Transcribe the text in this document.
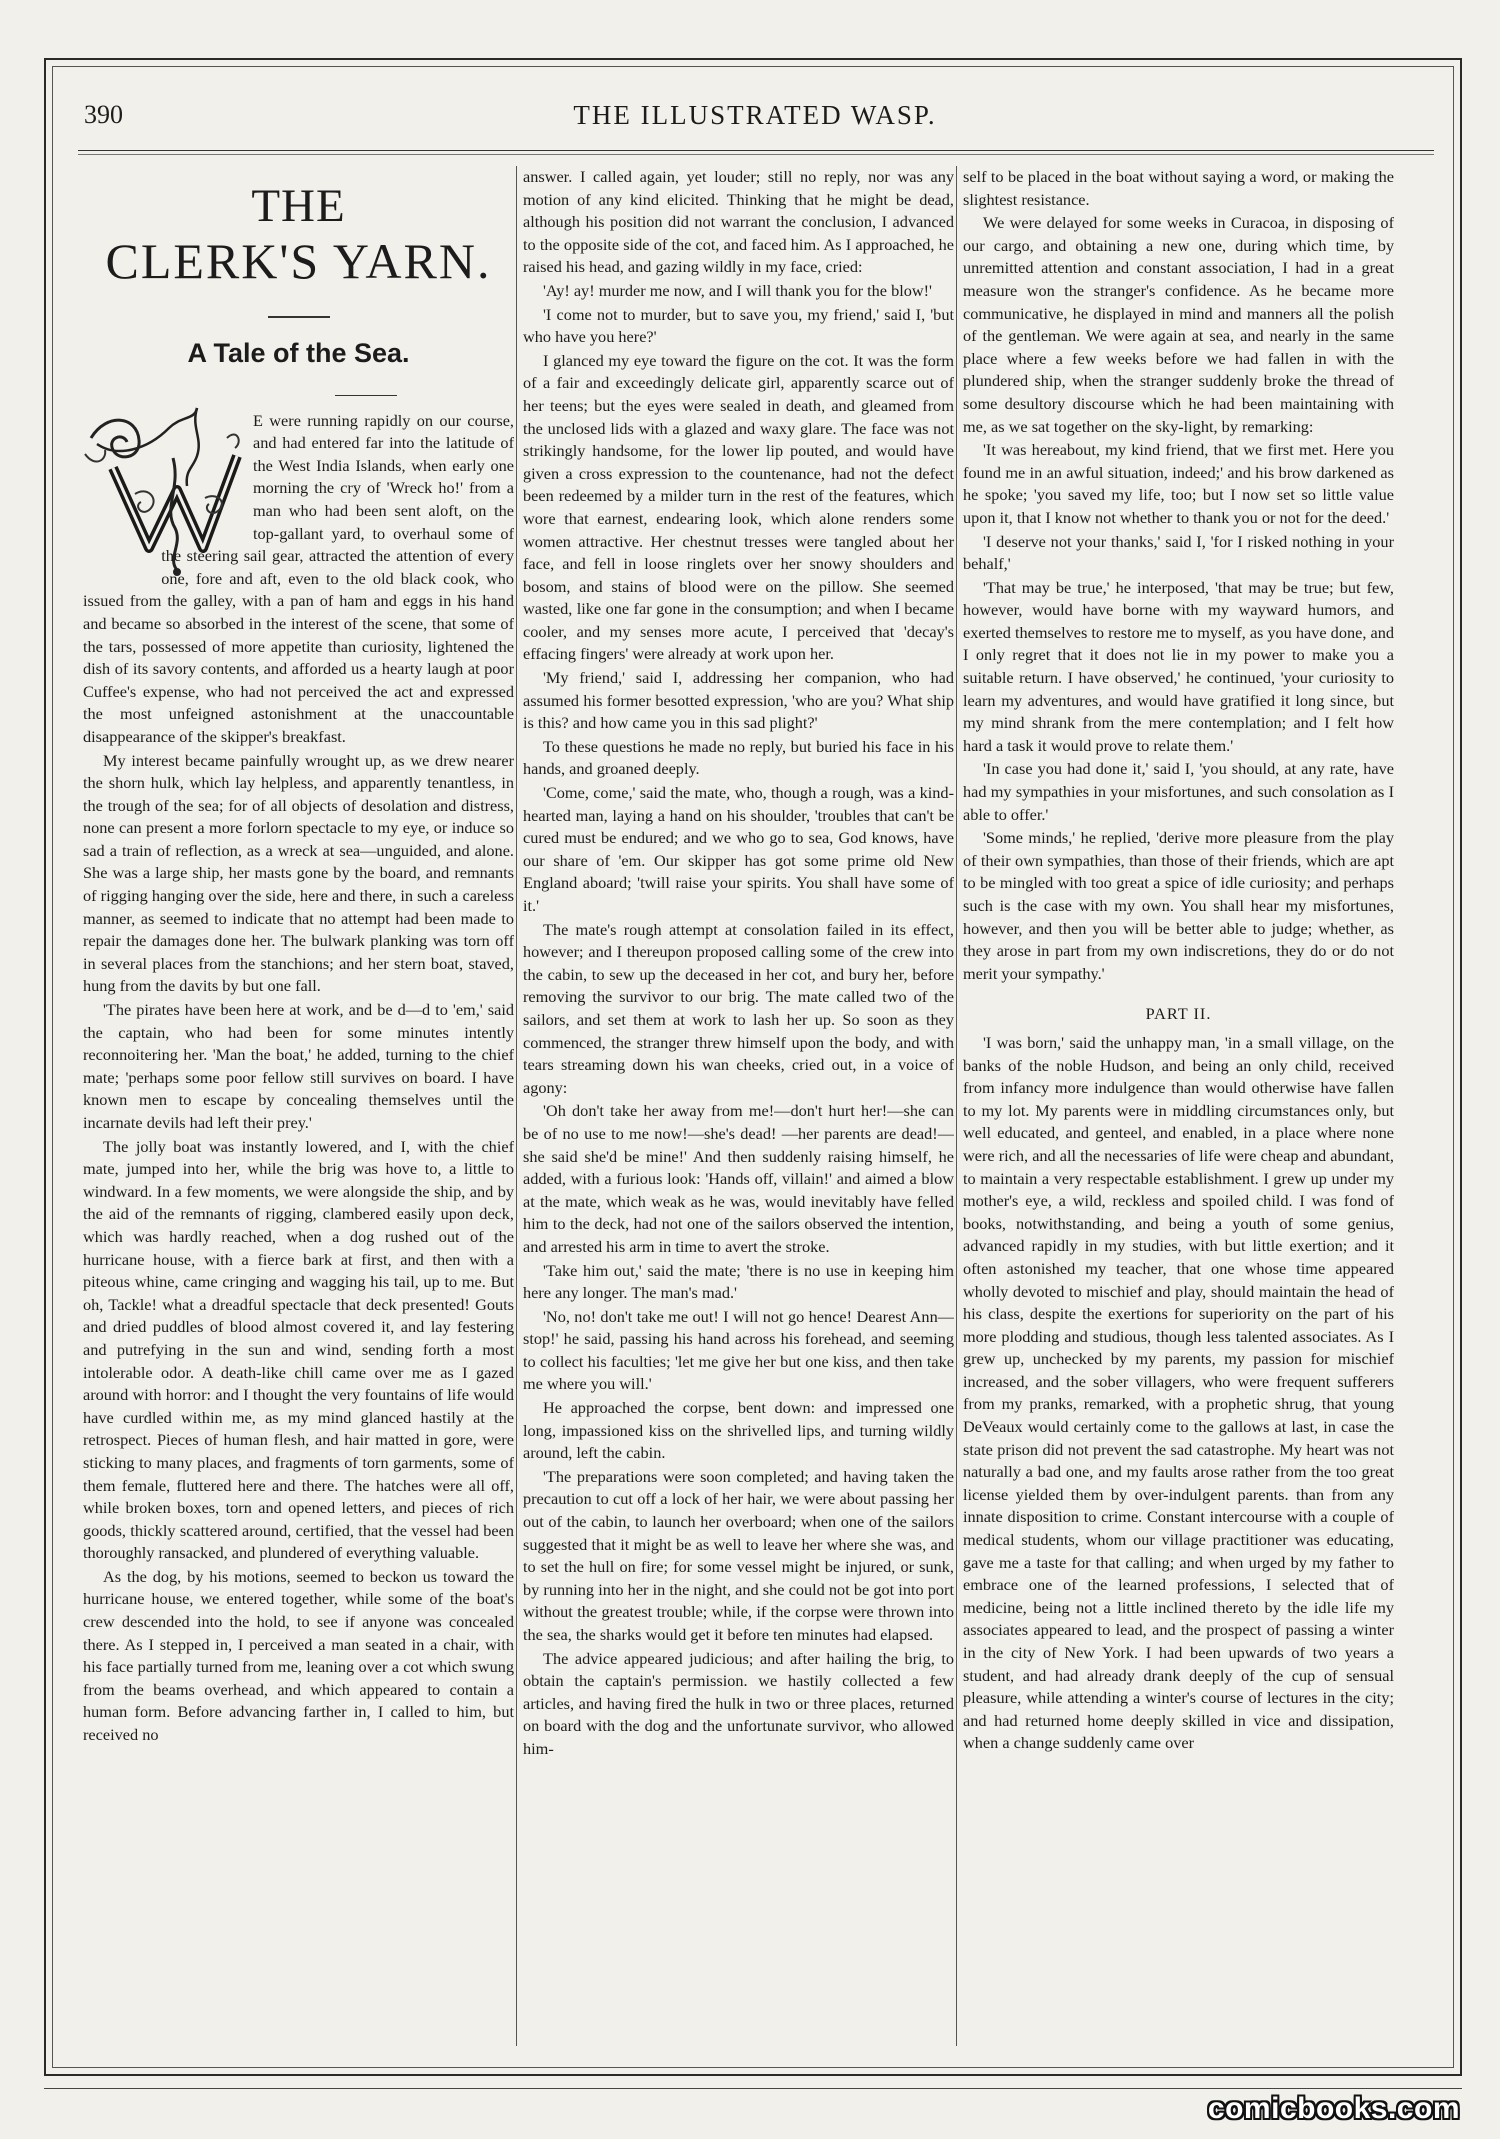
390	THE ILLUSTRATED WASP.
THE
CLERK'S YARN.
A Tale of the Sea.

E were running rapidly on our course, and had entered far into the latitude of the West India Islands, when early one morning the cry of 'Wreck ho!' from a man who had been sent aloft, on the top-gallant yard, to overhaul some of the steering sail gear, attracted the attention of every one, fore and aft, even to the old black cook, who issued from the galley, with a pan of ham and eggs in his hand and became so absorbed in the interest of the scene, that some of the tars, possessed of more appetite than curiosity, lightened the dish of its savory contents, and afforded us a hearty laugh at poor Cuffee's expense, who had not perceived the act and expressed the most unfeigned astonishment at the unaccountable disappearance of the skipper's breakfast.

My interest became painfully wrought up, as we drew nearer the shorn hulk, which lay helpless, and apparently tenantless, in the trough of the sea; for of all objects of desolation and distress, none can present a more forlorn spectacle to my eye, or induce so sad a train of reflection, as a wreck at sea—unguided, and alone. She was a large ship, her masts gone by the board, and remnants of rigging hanging over the side, here and there, in such a careless manner, as seemed to indicate that no attempt had been made to repair the damages done her. The bulwark planking was torn off in several places from the stanchions; and her stern boat, staved, hung from the davits by but one fall.

'The pirates have been here at work, and be d—d to 'em,' said the captain, who had been for some minutes intently reconnoitering her. 'Man the boat,' he added, turning to the chief mate; 'perhaps some poor fellow still survives on board. I have known men to escape by concealing themselves until the incarnate devils had left their prey.'

The jolly boat was instantly lowered, and I, with the chief mate, jumped into her, while the brig was hove to, a little to windward. In a few moments, we were alongside the ship, and by the aid of the remnants of rigging, clambered easily upon deck, which was hardly reached, when a dog rushed out of the hurricane house, with a fierce bark at first, and then with a piteous whine, came cringing and wagging his tail, up to me. But oh, Tackle! what a dreadful spectacle that deck presented! Gouts and dried puddles of blood almost covered it, and lay festering and putrefying in the sun and wind, sending forth a most intolerable odor. A death-like chill came over me as I gazed around with horror: and I thought the very fountains of life would have curdled within me, as my mind glanced hastily at the retrospect. Pieces of human flesh, and hair matted in gore, were sticking to many places, and fragments of torn garments, some of them female, fluttered here and there. The hatches were all off, while broken boxes, torn and opened letters, and pieces of rich goods, thickly scattered around, certified, that the vessel had been thoroughly ransacked, and plundered of everything valuable.

As the dog, by his motions, seemed to beckon us toward the hurricane house, we entered together, while some of the boat's crew descended into the hold, to see if anyone was concealed there. As I stepped in, I perceived a man seated in a chair, with his face partially turned from me, leaning over a cot which swung from the beams overhead, and which appeared to contain a human form. Before advancing farther in, I called to him, but received no

answer. I called again, yet louder; still no reply, nor was any motion of any kind elicited. Thinking that he might be dead, although his position did not warrant the conclusion, I advanced to the opposite side of the cot, and faced him. As I approached, he raised his head, and gazing wildly in my face, cried:

'Ay! ay! murder me now, and I will thank you for the blow!'

'I come not to murder, but to save you, my friend,' said I, 'but who have you here?'

I glanced my eye toward the figure on the cot. It was the form of a fair and exceedingly delicate girl, apparently scarce out of her teens; but the eyes were sealed in death, and gleamed from the unclosed lids with a glazed and waxy glare. The face was not strikingly handsome, for the lower lip pouted, and would have given a cross expression to the countenance, had not the defect been redeemed by a milder turn in the rest of the features, which wore that earnest, endearing look, which alone renders some women attractive. Her chestnut tresses were tangled about her face, and fell in loose ringlets over her snowy shoulders and bosom, and stains of blood were on the pillow. She seemed wasted, like one far gone in the consumption; and when I became cooler, and my senses more acute, I perceived that 'decay's effacing fingers' were already at work upon her.

'My friend,' said I, addressing her companion, who had assumed his former besotted expression, 'who are you? What ship is this? and how came you in this sad plight?'

To these questions he made no reply, but buried his face in his hands, and groaned deeply.

'Come, come,' said the mate, who, though a rough, was a kind-hearted man, laying a hand on his shoulder, 'troubles that can't be cured must be endured; and we who go to sea, God knows, have our share of 'em. Our skipper has got some prime old New England aboard; 'twill raise your spirits. You shall have some of it.'

The mate's rough attempt at consolation failed in its effect, however; and I thereupon proposed calling some of the crew into the cabin, to sew up the deceased in her cot, and bury her, before removing the survivor to our brig. The mate called two of the sailors, and set them at work to lash her up. So soon as they commenced, the stranger threw himself upon the body, and with tears streaming down his wan cheeks, cried out, in a voice of agony:

'Oh don't take her away from me!—don't hurt her!—she can be of no use to me now!—she's dead! —her parents are dead!—she said she'd be mine!' And then suddenly raising himself, he added, with a furious look: 'Hands off, villain!' and aimed a blow at the mate, which weak as he was, would inevitably have felled him to the deck, had not one of the sailors observed the intention, and arrested his arm in time to avert the stroke.

'Take him out,' said the mate; 'there is no use in keeping him here any longer. The man's mad.'

'No, no! don't take me out! I will not go hence! Dearest Ann—stop!' he said, passing his hand across his forehead, and seeming to collect his faculties; 'let me give her but one kiss, and then take me where you will.'

He approached the corpse, bent down: and impressed one long, impassioned kiss on the shrivelled lips, and turning wildly around, left the cabin.

'The preparations were soon completed; and having taken the precaution to cut off a lock of her hair, we were about passing her out of the cabin, to launch her overboard; when one of the sailors suggested that it might be as well to leave her where she was, and to set the hull on fire; for some vessel might be injured, or sunk, by running into her in the night, and she could not be got into port without the greatest trouble; while, if the corpse were thrown into the sea, the sharks would get it before ten minutes had elapsed.

The advice appeared judicious; and after hailing the brig, to obtain the captain's permission. we hastily collected a few articles, and having fired the hulk in two or three places, returned on board with the dog and the unfortunate survivor, who allowed him-

self to be placed in the boat without saying a word, or making the slightest resistance.

We were delayed for some weeks in Curacoa, in disposing of our cargo, and obtaining a new one, during which time, by unremitted attention and constant association, I had in a great measure won the stranger's confidence. As he became more communicative, he displayed in mind and manners all the polish of the gentleman. We were again at sea, and nearly in the same place where a few weeks before we had fallen in with the plundered ship, when the stranger suddenly broke the thread of some desultory discourse which he had been maintaining with me, as we sat together on the sky-light, by remarking:

'It was hereabout, my kind friend, that we first met. Here you found me in an awful situation, indeed;' and his brow darkened as he spoke; 'you saved my life, too; but I now set so little value upon it, that I know not whether to thank you or not for the deed.'

'I deserve not your thanks,' said I, 'for I risked nothing in your behalf,'

'That may be true,' he interposed, 'that may be true; but few, however, would have borne with my wayward humors, and exerted themselves to restore me to myself, as you have done, and I only regret that it does not lie in my power to make you a suitable return. I have observed,' he continued, 'your curiosity to learn my adventures, and would have gratified it long since, but my mind shrank from the mere contemplation; and I felt how hard a task it would prove to relate them.'

'In case you had done it,' said I, 'you should, at any rate, have had my sympathies in your misfortunes, and such consolation as I able to offer.'

'Some minds,' he replied, 'derive more pleasure from the play of their own sympathies, than those of their friends, which are apt to be mingled with too great a spice of idle curiosity; and perhaps such is the case with my own. You shall hear my misfortunes, however, and then you will be better able to judge; whether, as they arose in part from my own indiscretions, they do or do not merit your sympathy.'

PART II.

'I was born,' said the unhappy man, 'in a small village, on the banks of the noble Hudson, and being an only child, received from infancy more indulgence than would otherwise have fallen to my lot. My parents were in middling circumstances only, but well educated, and genteel, and enabled, in a place where none were rich, and all the necessaries of life were cheap and abundant, to maintain a very respectable establishment. I grew up under my mother's eye, a wild, reckless and spoiled child. I was fond of books, notwithstanding, and being a youth of some genius, advanced rapidly in my studies, with but little exertion; and it often astonished my teacher, that one whose time appeared wholly devoted to mischief and play, should maintain the head of his class, despite the exertions for superiority on the part of his more plodding and studious, though less talented associates. As I grew up, unchecked by my parents, my passion for mischief increased, and the sober villagers, who were frequent sufferers from my pranks, remarked, with a prophetic shrug, that young DeVeaux would certainly come to the gallows at last, in case the state prison did not prevent the sad catastrophe. My heart was not naturally a bad one, and my faults arose rather from the too great license yielded them by over-indulgent parents. than from any innate disposition to crime. Constant intercourse with a couple of medical students, whom our village practitioner was educating, gave me a taste for that calling; and when urged by my father to embrace one of the learned professions, I selected that of medicine, being not a little inclined thereto by the idle life my associates appeared to lead, and the prospect of passing a winter in the city of New York. I had been upwards of two years a student, and had already drank deeply of the cup of sensual pleasure, while attending a winter's course of lectures in the city; and had returned home deeply skilled in vice and dissipation, when a change suddenly came over

comicbooks.com
